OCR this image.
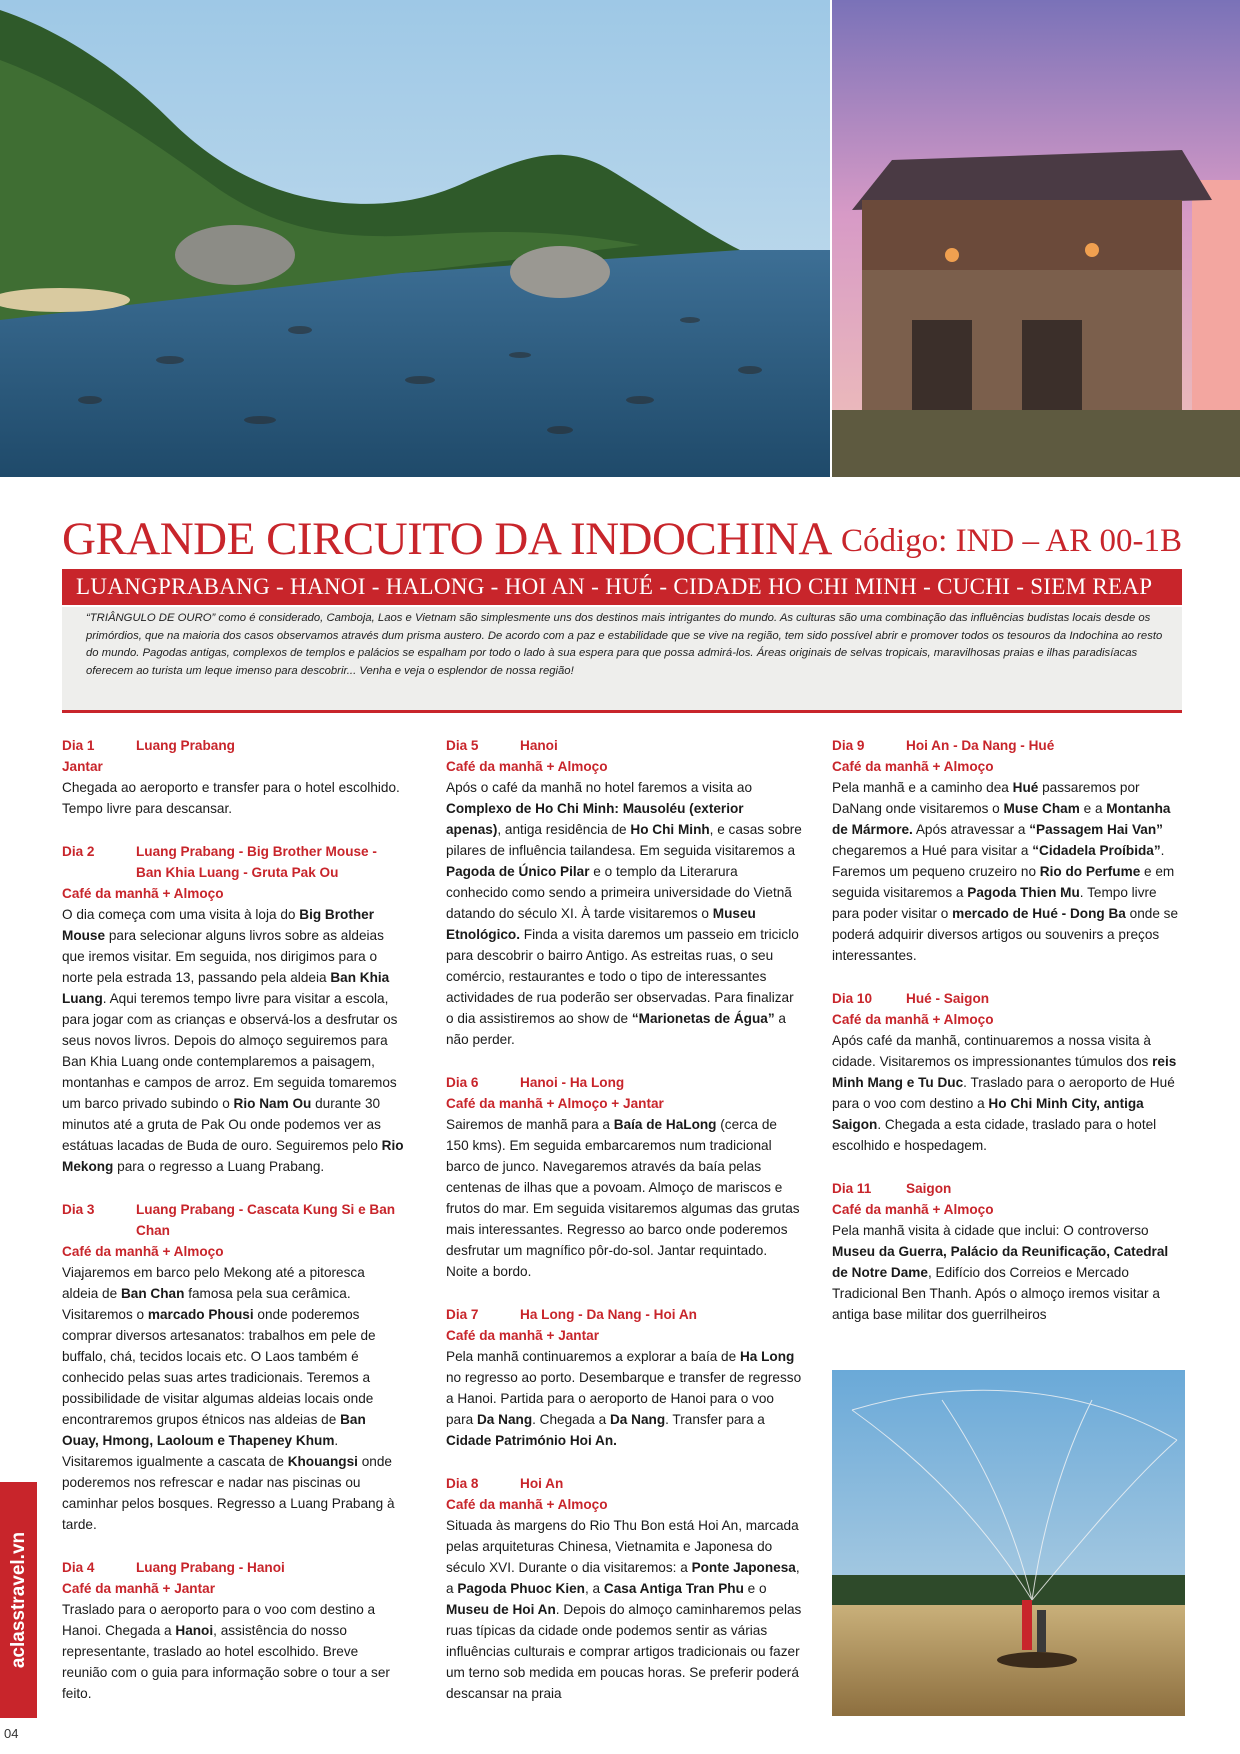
GRANDE CIRCUITO DA INDOCHINA Código: IND – AR 00-1B
LUANGPRABANG - HANOI - HALONG - HOI AN - HUÉ - CIDADE HO CHI MINH - CUCHI - SIEM REAP
“TRIÂNGULO DE OURO” como é considerado, Camboja, Laos e Vietnam são simplesmente uns dos destinos mais intrigantes do mundo. As culturas são uma combinação das influências budistas locais desde os primórdios, que na maioria dos casos observamos através dum prisma austero. De acordo com a paz e estabilidade que se vive na região, tem sido possível abrir e promover todos os tesouros da Indochina ao resto do mundo. Pagodas antigas, complexos de templos e palácios se espalham por todo o lado à sua espera para que possa admirá-los. Áreas originais de selvas tropicais, maravilhosas praias e ilhas paradisíacas oferecem ao turista um leque imenso para descobrir... Venha e veja o esplendor de nossa região!
Dia 1	Luang Prabang
Jantar
Chegada ao aeroporto e transfer para o hotel escolhido. Tempo livre para descansar.
Dia 2	Luang Prabang - Big Brother Mouse - Ban Khia Luang - Gruta Pak Ou
Café da manhã + Almoço
O dia começa com uma visita à loja do Big Brother Mouse para selecionar alguns livros sobre as aldeias que iremos visitar. Em seguida, nos dirigimos para o norte pela estrada 13, passando pela aldeia Ban Khia Luang. Aqui teremos tempo livre para visitar a escola, para jogar com as crianças e observá-los a desfrutar os seus novos livros. Depois do almoço seguiremos para Ban Khia Luang onde contemplaremos a paisagem, montanhas e campos de arroz. Em seguida tomaremos um barco privado subindo o Rio Nam Ou durante 30 minutos até a gruta de Pak Ou onde podemos ver as estátuas lacadas de Buda de ouro. Seguiremos pelo Rio Mekong para o regresso a Luang Prabang.
Dia 3	Luang Prabang - Cascata Kung Si e Ban Chan
Café da manhã + Almoço
Viajaremos em barco pelo Mekong até a pitoresca aldeia de Ban Chan famosa pela sua cerâmica. Visitaremos o marcado Phousi onde poderemos comprar diversos artesanatos: trabalhos em pele de buffalo, chá, tecidos locais etc. O Laos também é conhecido pelas suas artes tradicionais. Teremos a possibilidade de visitar algumas aldeias locais onde encontraremos grupos étnicos nas aldeias de Ban Ouay, Hmong, Laoloum e Thapeney Khum. Visitaremos igualmente a cascata de Khouangsi onde poderemos nos refrescar e nadar nas piscinas ou caminhar pelos bosques. Regresso a Luang Prabang à tarde.
Dia 4	Luang Prabang - Hanoi
Café da manhã + Jantar
Traslado para o aeroporto para o voo com destino a Hanoi. Chegada a Hanoi, assistência do nosso representante, traslado ao hotel escolhido. Breve reunião com o guia para informação sobre o tour a ser feito.
Dia 5	Hanoi
Café da manhã + Almoço
Após o café da manhã no hotel faremos a visita ao Complexo de Ho Chi Minh: Mausoléu (exterior apenas), antiga residência de Ho Chi Minh, e casas sobre pilares de influência tailandesa. Em seguida visitaremos a Pagoda de Único Pilar e o templo da Literarura conhecido como sendo a primeira universidade do Vietnã datando do século XI. À tarde visitaremos o Museu Etnológico. Finda a visita daremos um passeio em triciclo para descobrir o bairro Antigo. As estreitas ruas, o seu comércio, restaurantes e todo o tipo de interessantes actividades de rua poderão ser observadas. Para finalizar o dia assistiremos ao show de “Marionetas de Água” a não perder.
Dia 6	Hanoi - Ha Long
Café da manhã + Almoço + Jantar
Sairemos de manhã para a Baía de HaLong (cerca de 150 kms). Em seguida embarcaremos num tradicional barco de junco. Navegaremos através da baía pelas centenas de ilhas que a povoam. Almoço de mariscos e frutos do mar. Em seguida visitaremos algumas das grutas mais interessantes. Regresso ao barco onde poderemos desfrutar um magnífico pôr-do-sol. Jantar requintado. Noite a bordo.
Dia 7	Ha Long - Da Nang - Hoi An
Café da manhã + Jantar
Pela manhã continuaremos a explorar a baía de Ha Long no regresso ao porto. Desembarque e transfer de regresso a Hanoi. Partida para o aeroporto de Hanoi para o voo para Da Nang. Chegada a Da Nang. Transfer para a Cidade Património Hoi An.
Dia 8	Hoi An
Café da manhã + Almoço
Situada às margens do Rio Thu Bon está Hoi An, marcada pelas arquiteturas Chinesa, Vietnamita e Japonesa do século XVI. Durante o dia visitaremos: a Ponte Japonesa, a Pagoda Phuoc Kien, a Casa Antiga Tran Phu e o Museu de Hoi An. Depois do almoço caminharemos pelas ruas típicas da cidade onde podemos sentir as várias influências culturais e comprar artigos tradicionais ou fazer um terno sob medida em poucas horas. Se preferir poderá descansar na praia
Dia 9	Hoi An - Da Nang - Hué
Café da manhã + Almoço
Pela manhã e a caminho dea Hué passaremos por DaNang onde visitaremos o Muse Cham e a Montanha de Mármore. Após atravessar a “Passagem Hai Van” chegaremos a Hué para visitar a “Cidadela Proíbida”. Faremos um pequeno cruzeiro no Rio do Perfume e em seguida visitaremos a Pagoda Thien Mu. Tempo livre para poder visitar o mercado de Hué - Dong Ba onde se poderá adquirir diversos artigos ou souvenirs a preços interessantes.
Dia 10	Hué - Saigon
Café da manhã + Almoço
Após café da manhã, continuaremos a nossa visita à cidade. Visitaremos os impressionantes túmulos dos reis Minh Mang e Tu Duc. Traslado para o aeroporto de Hué para o voo com destino a Ho Chi Minh City, antiga Saigon. Chegada a esta cidade, traslado para o hotel escolhido e hospedagem.
Dia 11	Saigon
Café da manhã + Almoço
Pela manhã visita à cidade que inclui: O controverso Museu da Guerra, Palácio da Reunificação, Catedral de Notre Dame, Edifício dos Correios e Mercado Tradicional Ben Thanh. Após o almoço iremos visitar a antiga base militar dos guerrilheiros
aclasstravel.vn
04
